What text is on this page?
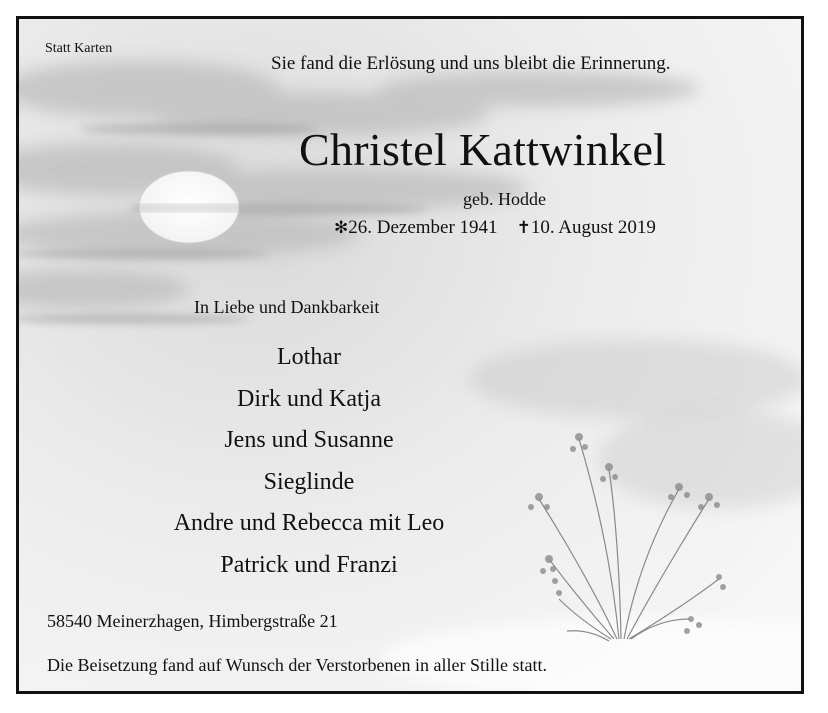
Statt Karten
Sie fand die Erlösung und uns bleibt die Erinnerung.
Christel Kattwinkel
geb. Hodde
✻26. Dezember 1941 ✝10. August 2019
In Liebe und Dankbarkeit
Lothar
Dirk und Katja
Jens und Susanne
Sieglinde
Andre und Rebecca mit Leo
Patrick und Franzi
58540 Meinerzhagen, Himbergstraße 21
Die Beisetzung fand auf Wunsch der Verstorbenen in aller Stille statt.
